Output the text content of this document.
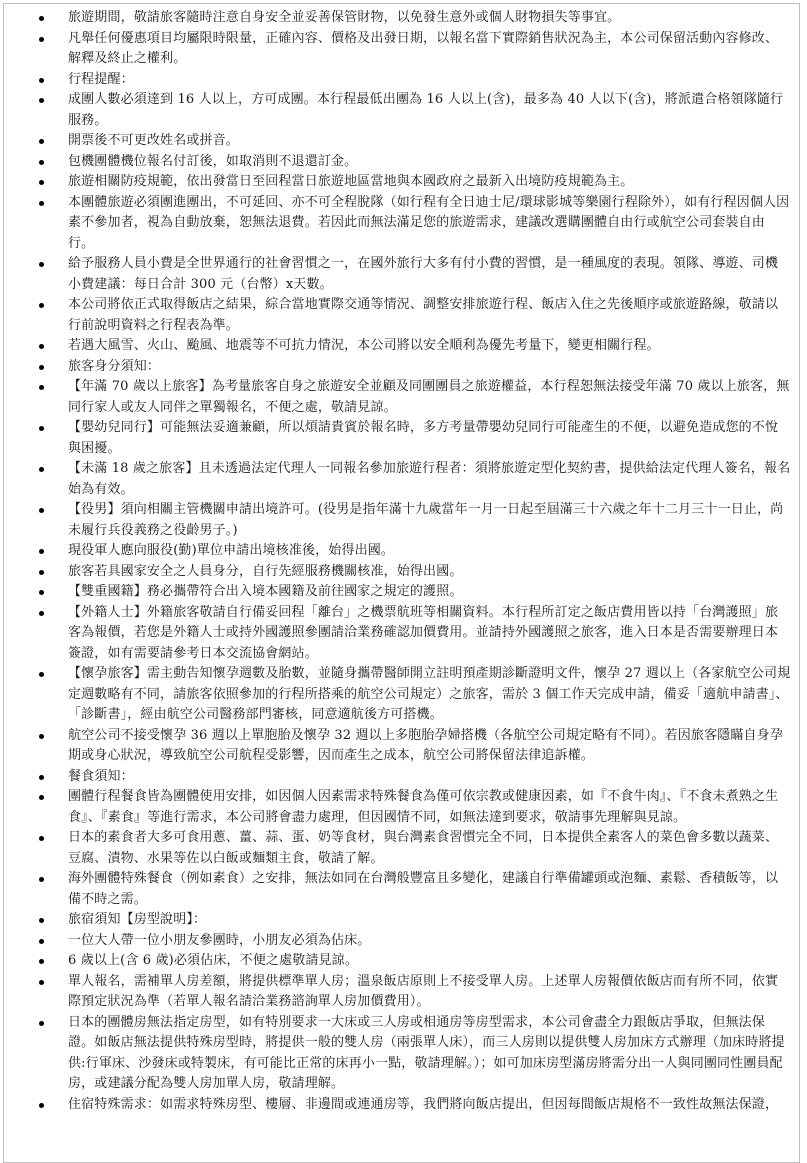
旅遊期間，敬請旅客隨時注意自身安全並妥善保管財物，以免發生意外或個人財物損失等事宜。
凡舉任何優惠項目均屬限時限量，正確內容、價格及出發日期，以報名當下實際銷售狀況為主，本公司保留活動內容修改、解釋及終止之權利。
行程提醒：
成團人數必須達到 16 人以上，方可成團。本行程最低出團為 16 人以上(含)，最多為 40 人以下(含)，將派遣合格領隊隨行服務。
開票後不可更改姓名或拼音。
包機團體機位報名付訂後，如取消則不退還訂金。
旅遊相關防疫規範，依出發當日至回程當日旅遊地區當地與本國政府之最新入出境防疫規範為主。
本團體旅遊必須團進團出，不可延回、亦不可全程脫隊（如行程有全日迪士尼/環球影城等樂園行程除外），如有行程因個人因素不參加者，視為自動放棄，恕無法退費。若因此而無法滿足您的旅遊需求，建議改選購團體自由行或航空公司套裝自由行。
給予服務人員小費是全世界通行的社會習慣之一，在國外旅行大多有付小費的習慣，是一種風度的表現。領隊、導遊、司機小費建議：每日合計 300 元（台幣）x天數。
本公司將依正式取得飯店之結果，綜合當地實際交通等情況、調整安排旅遊行程、飯店入住之先後順序或旅遊路線，敬請以行前說明資料之行程表為準。
若遇大風雪、火山、颱風、地震等不可抗力情況，本公司將以安全順利為優先考量下，變更相關行程。
旅客身分須知：
【年滿 70 歲以上旅客】為考量旅客自身之旅遊安全並顧及同團團員之旅遊權益，本行程恕無法接受年滿 70 歲以上旅客，無同行家人或友人同伴之單獨報名，不便之處，敬請見諒。
【嬰幼兒同行】可能無法妥適兼顧，所以煩請貴賓於報名時，多方考量帶嬰幼兒同行可能產生的不便，以避免造成您的不悅與困擾。
【未滿 18 歲之旅客】且未透過法定代理人一同報名參加旅遊行程者：須將旅遊定型化契約書，提供給法定代理人簽名，報名始為有效。
【役男】須向相關主管機關申請出境許可。(役男是指年滿十九歲當年一月一日起至屆滿三十六歲之年十二月三十一日止，尚未履行兵役義務之役齡男子。)
現役軍人應向服役(勤)單位申請出境核准後，始得出國。
旅客若具國家安全之人員身分，自行先經服務機關核准，始得出國。
【雙重國籍】務必攜帶符合出入境本國籍及前往國家之規定的護照。
【外籍人士】外籍旅客敬請自行備妥回程「離台」之機票航班等相關資料。本行程所訂定之飯店費用皆以持「台灣護照」旅客為報價，若您是外籍人士或持外國護照參團請洽業務確認加價費用。並請持外國護照之旅客，進入日本是否需要辦理日本簽證，如有需要請參考日本交流協會網站。
【懷孕旅客】需主動告知懷孕週數及胎數，並隨身攜帶醫師開立註明預產期診斷證明文件，懷孕 27 週以上（各家航空公司規定週數略有不同，請旅客依照參加的行程所搭乘的航空公司規定）之旅客，需於 3 個工作天完成申請，備妥「適航申請書」、「診斷書」，經由航空公司醫務部門審核，同意適航後方可搭機。
航空公司不接受懷孕 36 週以上單胞胎及懷孕 32 週以上多胞胎孕婦搭機（各航空公司規定略有不同）。若因旅客隱瞞自身孕期或身心狀況，導致航空公司航程受影響，因而產生之成本，航空公司將保留法律追訴權。
餐食須知：
團體行程餐食皆為團體使用安排，如因個人因素需求特殊餐食為僅可依宗教或健康因素，如『不食牛肉』、『不食未煮熟之生食』、『素食』等進行需求，本公司將會盡力處理，但因國情不同，如無法達到要求，敬請事先理解與見諒。
日本的素食者大多可食用蔥、薑、蒜、蛋、奶等食材，與台灣素食習慣完全不同，日本提供全素客人的菜色會多數以蔬菜、豆腐、漬物、水果等佐以白飯或麵類主食，敬請了解。
海外團體特殊餐食（例如素食）之安排，無法如同在台灣般豐富且多變化，建議自行準備罐頭或泡麵、素鬆、香積飯等，以備不時之需。
旅宿須知【房型說明】：
一位大人帶一位小朋友參團時，小朋友必須為佔床。
6 歲以上(含 6 歲)必須佔床，不便之處敬請見諒。
單人報名，需補單人房差額，將提供標準單人房；溫泉飯店原則上不接受單人房。上述單人房報價依飯店而有所不同，依實際預定狀況為準（若單人報名請洽業務諮詢單人房加價費用）。
日本的團體房無法指定房型，如有特別要求一大床或三人房或相通房等房型需求，本公司會盡全力跟飯店爭取，但無法保證。如飯店無法提供特殊房型時，將提供一般的雙人房（兩張單人床），而三人房則以提供雙人房加床方式辦理（加床時將提供:行軍床、沙發床或特製床，有可能比正常的床再小一點，敬請理解。）；如可加床房型滿房將需分出一人與同團同性團員配房，或建議分配為雙人房加單人房，敬請理解。
住宿特殊需求：如需求特殊房型、樓層、非邊間或連通房等，我們將向飯店提出，但因每間飯店規格不一致性故無法保證，
